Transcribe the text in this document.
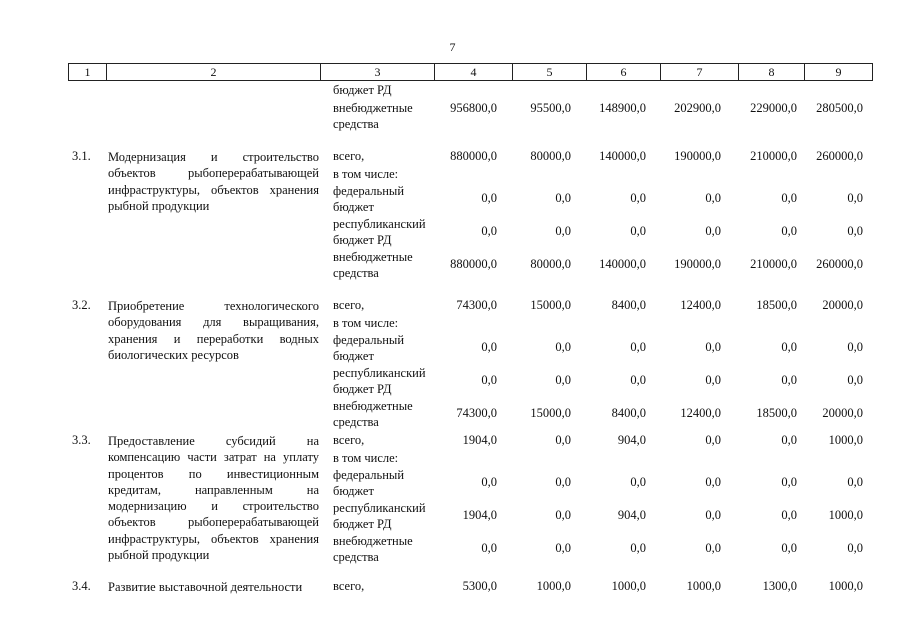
7
1	2	3	4	5	6	7	8	9
бюджет РД
внебюджетные средства
956800,0	95500,0	148900,0	202900,0	229000,0	280500,0
3.1.	Модернизация и строительство объектов рыбоперерабатывающей инфраструктуры, объектов хранения рыбной продукции
всего,	880000,0	80000,0	140000,0	190000,0	210000,0	260000,0
в том числе:
федеральный бюджет
0,0	0,0	0,0	0,0	0,0	0,0
республиканский бюджет РД
0,0	0,0	0,0	0,0	0,0	0,0
внебюджетные средства
880000,0	80000,0	140000,0	190000,0	210000,0	260000,0
3.2.	Приобретение технологического оборудования для выращивания, хранения и переработки водных биологических ресурсов
всего,	74300,0	15000,0	8400,0	12400,0	18500,0	20000,0
в том числе:
федеральный бюджет
0,0	0,0	0,0	0,0	0,0	0,0
республиканский бюджет РД
0,0	0,0	0,0	0,0	0,0	0,0
внебюджетные средства
74300,0	15000,0	8400,0	12400,0	18500,0	20000,0
3.3.	Предоставление субсидий на компенсацию части затрат на уплату процентов по инвестиционным кредитам, направленным на модернизацию и строительство объектов рыбоперерабатывающей инфраструктуры, объектов хранения рыбной продукции
всего,	1904,0	0,0	904,0	0,0	0,0	1000,0
в том числе:
федеральный бюджет
0,0	0,0	0,0	0,0	0,0	0,0
республиканский бюджет РД
1904,0	0,0	904,0	0,0	0,0	1000,0
внебюджетные средства
0,0	0,0	0,0	0,0	0,0	0,0
3.4.	Развитие выставочной деятельности	всего,	5300,0	1000,0	1000,0	1000,0	1300,0	1000,0
